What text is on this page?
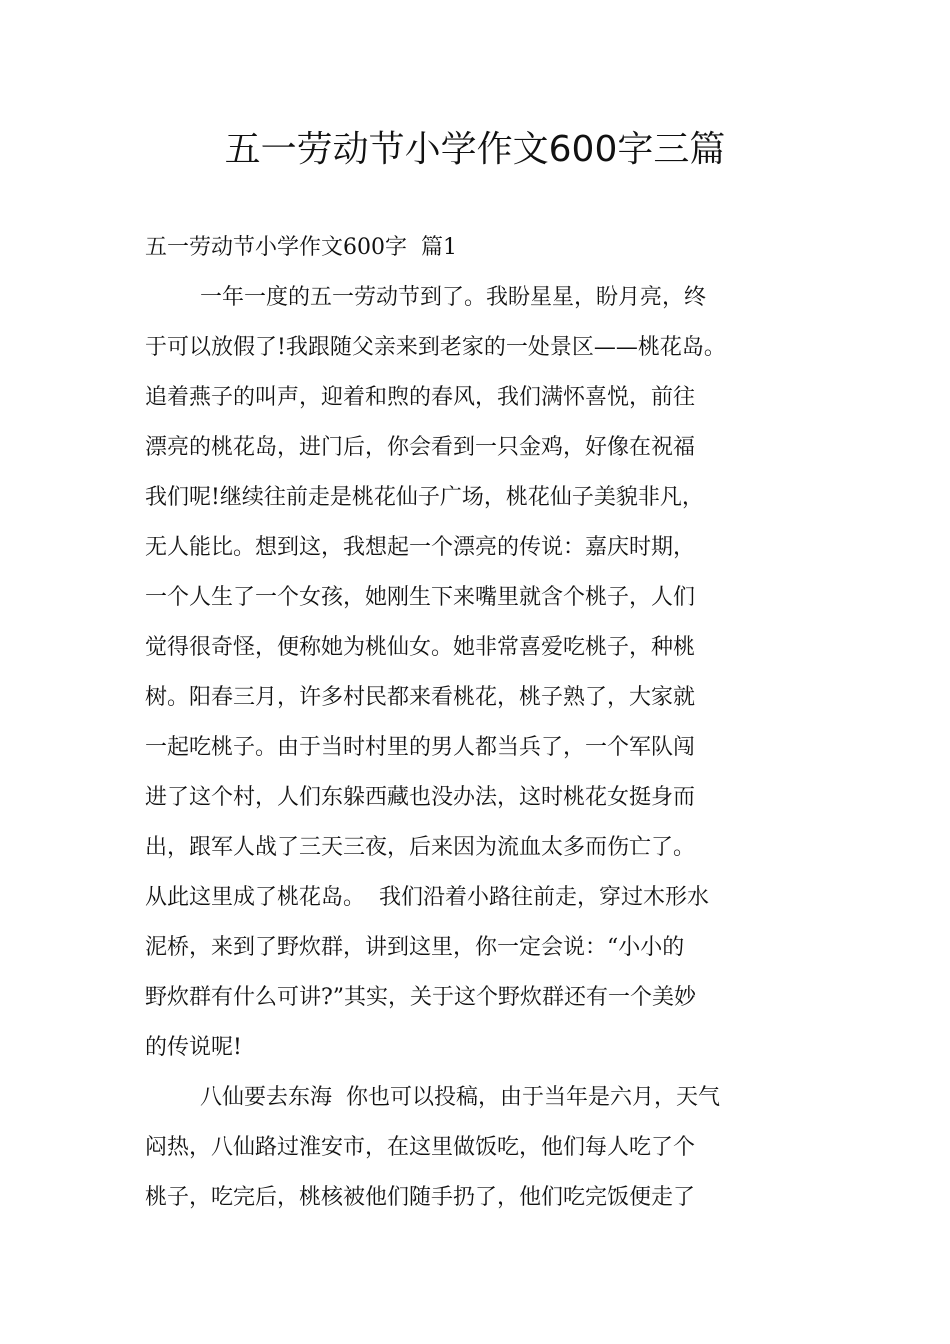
五一劳动节小学作文600字三篇
五一劳动节小学作文600字  篇1
一年一度的五一劳动节到了。我盼星星，盼月亮，终
于可以放假了!我跟随父亲来到老家的一处景区——桃花岛。
追着燕子的叫声，迎着和煦的春风，我们满怀喜悦，前往
漂亮的桃花岛，进门后，你会看到一只金鸡，好像在祝福
我们呢!继续往前走是桃花仙子广场，桃花仙子美貌非凡，
无人能比。想到这，我想起一个漂亮的传说：嘉庆时期，
一个人生了一个女孩，她刚生下来嘴里就含个桃子，人们
觉得很奇怪，便称她为桃仙女。她非常喜爱吃桃子，种桃
树。阳春三月，许多村民都来看桃花，桃子熟了，大家就
一起吃桃子。由于当时村里的男人都当兵了，一个军队闯
进了这个村，人们东躲西藏也没办法，这时桃花女挺身而
出，跟军人战了三天三夜，后来因为流血太多而伤亡了。
从此这里成了桃花岛。  我们沿着小路往前走，穿过木形水
泥桥，来到了野炊群，讲到这里，你一定会说：“小小的
野炊群有什么可讲?”其实，关于这个野炊群还有一个美妙
的传说呢!
八仙要去东海  你也可以投稿，由于当年是六月，天气
闷热，八仙路过淮安市，在这里做饭吃，他们每人吃了个
桃子，吃完后，桃核被他们随手扔了，他们吃完饭便走了
